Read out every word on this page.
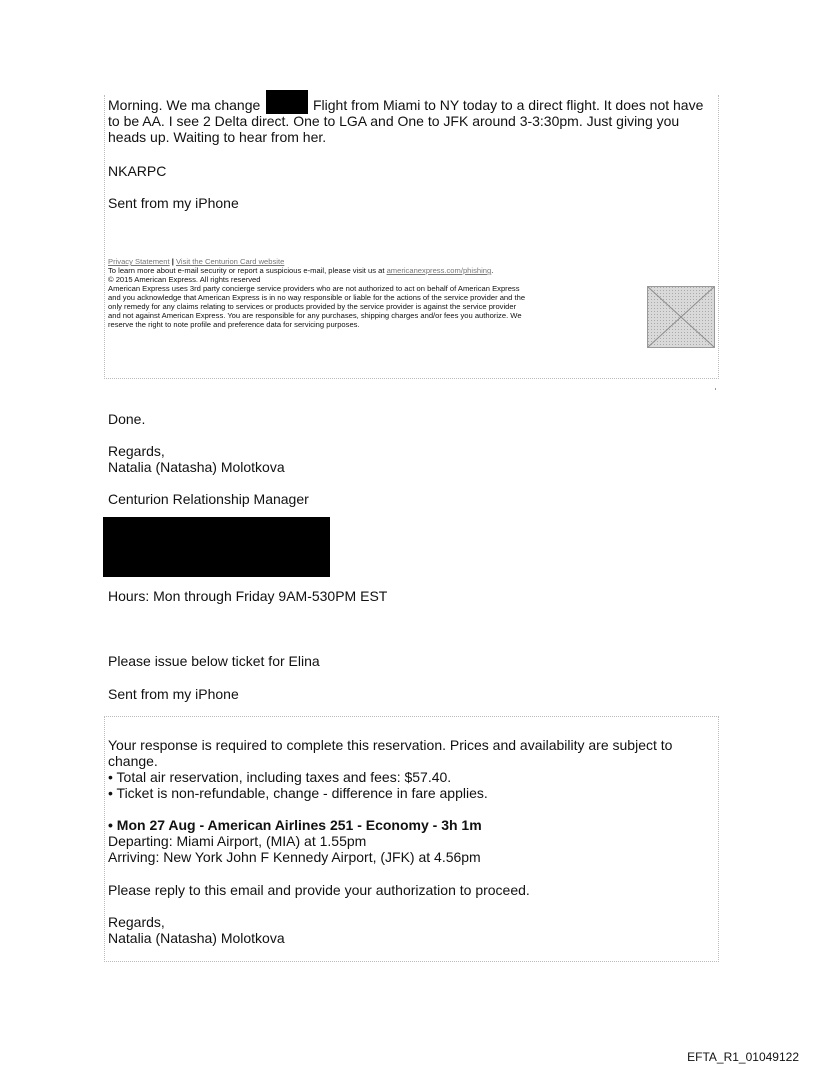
Morning. We ma change	Flight from Miami to NY today to a direct flight. It does not have
to be AA. I see 2 Delta direct. One to LGA and One to JFK around 3-3:30pm. Just giving you
heads up. Waiting to hear from her.
NKARPC
Sent from my iPhone
Privacy Statement | Visit the Centurion Card website
To learn more about e-mail security or report a suspicious e-mail, please visit us at americanexpress.com/phishing.
© 2015 American Express. All rights reserved
American Express uses 3rd party concierge service providers who are not authorized to act on behalf of American Express
and you acknowledge that American Express is in no way responsible or liable for the actions of the service provider and the
only remedy for any claims relating to services or products provided by the service provider is against the service provider
and not against American Express. You are responsible for any purchases, shipping charges and/or fees you authorize. We
reserve the right to note profile and preference data for servicing purposes.
Done.
Regards,
Natalia (Natasha) Molotkova
Centurion Relationship Manager
Hours: Mon through Friday 9AM-530PM EST
Please issue below ticket for Elina
Sent from my iPhone
Your response is required to complete this reservation. Prices and availability are subject to
change.
• Total air reservation, including taxes and fees: $57.40.
• Ticket is non-refundable, change - difference in fare applies.
• Mon 27 Aug - American Airlines 251 - Economy - 3h 1m
Departing: Miami Airport, (MIA) at 1.55pm
Arriving: New York John F Kennedy Airport, (JFK) at 4.56pm
Please reply to this email and provide your authorization to proceed.
Regards,
Natalia (Natasha) Molotkova
EFTA_R1_01049122
